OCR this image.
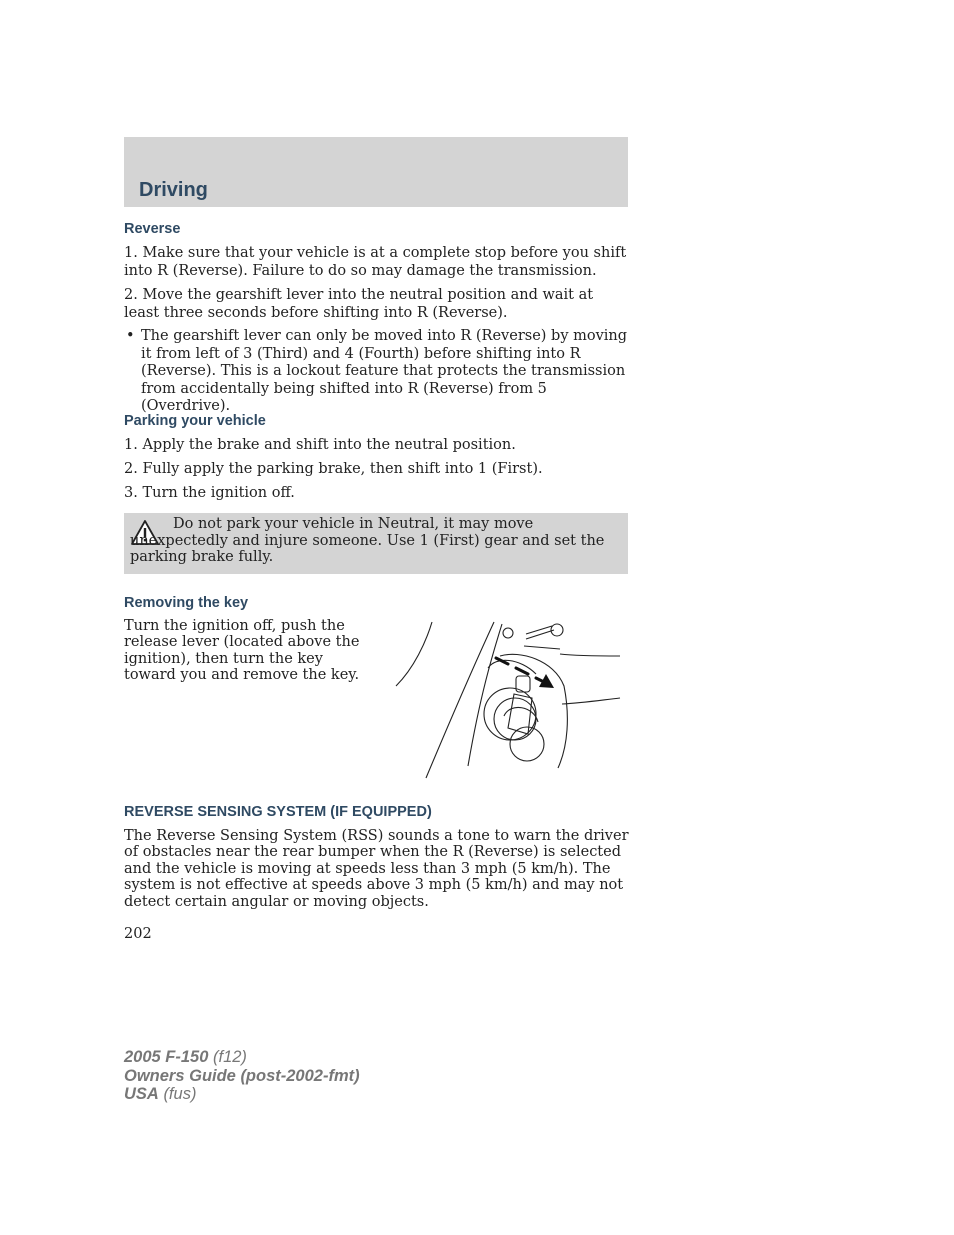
Driving
Reverse
1. Make sure that your vehicle is at a complete stop before you shift into R (Reverse). Failure to do so may damage the transmission.
2. Move the gearshift lever into the neutral position and wait at least three seconds before shifting into R (Reverse).
• The gearshift lever can only be moved into R (Reverse) by moving it from left of 3 (Third) and 4 (Fourth) before shifting into R (Reverse). This is a lockout feature that protects the transmission from accidentally being shifted into R (Reverse) from 5 (Overdrive).
Parking your vehicle
1. Apply the brake and shift into the neutral position.
2. Fully apply the parking brake, then shift into 1 (First).
3. Turn the ignition off.
Do not park your vehicle in Neutral, it may move unexpectedly and injure someone. Use 1 (First) gear and set the parking brake fully.
Removing the key
Turn the ignition off, push the release lever (located above the ignition), then turn the key toward you and remove the key.
REVERSE SENSING SYSTEM (IF EQUIPPED)
The Reverse Sensing System (RSS) sounds a tone to warn the driver of obstacles near the rear bumper when the R (Reverse) is selected and the vehicle is moving at speeds less than 3 mph (5 km/h). The system is not effective at speeds above 3 mph (5 km/h) and may not detect certain angular or moving objects.
202
2005 F-150 (f12)
Owners Guide (post-2002-fmt)
USA (fus)
